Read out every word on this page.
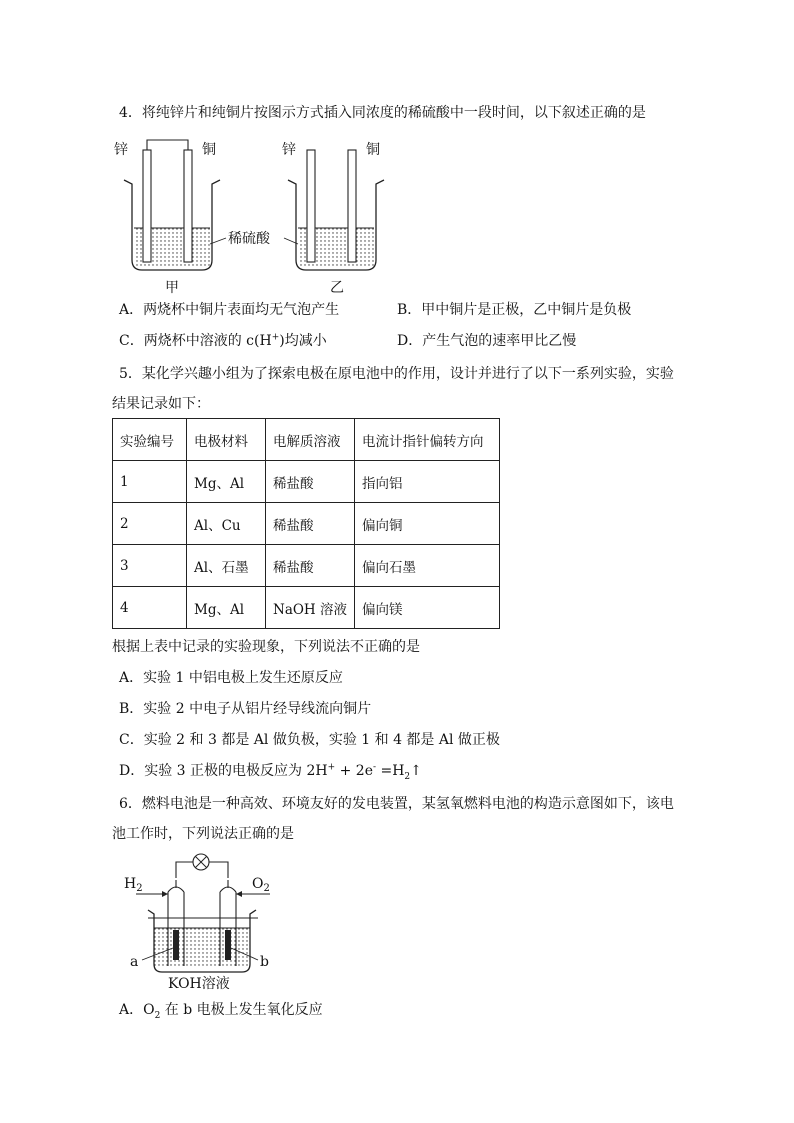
4．将纯锌片和纯铜片按图示方式插入同浓度的稀硫酸中一段时间，以下叙述正确的是
锌	铜
甲
锌	铜
乙
稀硫酸
A．两烧杯中铜片表面均无气泡产生	B．甲中铜片是正极，乙中铜片是负极
C．两烧杯中溶液的 c(H+)均减小	D．产生气泡的速率甲比乙慢
5．某化学兴趣小组为了探索电极在原电池中的作用，设计并进行了以下一系列实验，实验
结果记录如下：
实验编号	电极材料	电解质溶液	电流计指针偏转方向
1	Mg、Al	稀盐酸	指向铝
2	Al、Cu	稀盐酸	偏向铜
3	Al、石墨	稀盐酸	偏向石墨
4	Mg、Al	NaOH 溶液	偏向镁
根据上表中记录的实验现象，下列说法不正确的是
A．实验 1 中铝电极上发生还原反应
B．实验 2 中电子从铝片经导线流向铜片
C．实验 2 和 3 都是 Al 做负极，实验 1 和 4 都是 Al 做正极
D．实验 3 正极的电极反应为 $2H^+ + 2e^- =H_2↑$
6．燃料电池是一种高效、环境友好的发电装置，某氢氧燃料电池的构造示意图如下，该电
池工作时，下列说法正确的是
$H_2$	$O_2$
a	b
KOH溶液
A．$O_2$ 在 b 电极上发生氧化反应
